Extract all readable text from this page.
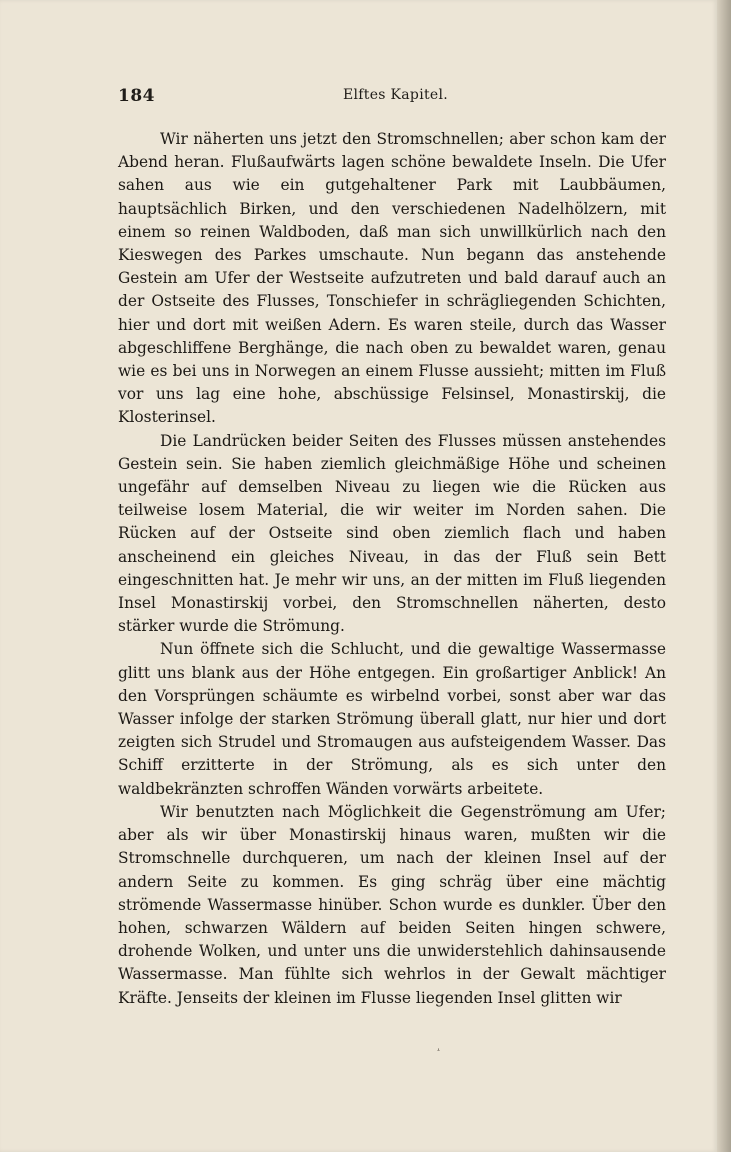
184	Elftes Kapitel.

Wir näherten uns jetzt den Stromschnellen; aber schon kam der Abend heran. Flußaufwärts lagen schöne bewaldete Inseln. Die Ufer sahen aus wie ein gutgehaltener Park mit Laubbäumen, hauptsächlich Birken, und den verschiedenen Nadelhölzern, mit einem so reinen Waldboden, daß man sich unwillkürlich nach den Kieswegen des Parkes umschaute. Nun begann das anstehende Gestein am Ufer der Westseite aufzutreten und bald darauf auch an der Ostseite des Flusses, Tonschiefer in schrägliegenden Schichten, hier und dort mit weißen Adern. Es waren steile, durch das Wasser abgeschliffene Berghänge, die nach oben zu bewaldet waren, genau wie es bei uns in Norwegen an einem Flusse aussieht; mitten im Fluß vor uns lag eine hohe, abschüssige Felsinsel, Monastirskij, die Klosterinsel.

Die Landrücken beider Seiten des Flusses müssen anstehendes Gestein sein. Sie haben ziemlich gleichmäßige Höhe und scheinen ungefähr auf demselben Niveau zu liegen wie die Rücken aus teilweise losem Material, die wir weiter im Norden sahen. Die Rücken auf der Ostseite sind oben ziemlich flach und haben anscheinend ein gleiches Niveau, in das der Fluß sein Bett eingeschnitten hat. Je mehr wir uns, an der mitten im Fluß liegenden Insel Monastirskij vorbei, den Stromschnellen näherten, desto stärker wurde die Strömung.

Nun öffnete sich die Schlucht, und die gewaltige Wassermasse glitt uns blank aus der Höhe entgegen. Ein großartiger Anblick! An den Vorsprüngen schäumte es wirbelnd vorbei, sonst aber war das Wasser infolge der starken Strömung überall glatt, nur hier und dort zeigten sich Strudel und Stromaugen aus aufsteigendem Wasser. Das Schiff erzitterte in der Strömung, als es sich unter den waldbekränzten schroffen Wänden vorwärts arbeitete.

Wir benutzten nach Möglichkeit die Gegenströmung am Ufer; aber als wir über Monastirskij hinaus waren, mußten wir die Stromschnelle durchqueren, um nach der kleinen Insel auf der andern Seite zu kommen. Es ging schräg über eine mächtig strömende Wassermasse hinüber. Schon wurde es dunkler. Über den hohen, schwarzen Wäldern auf beiden Seiten hingen schwere, drohende Wolken, und unter uns die unwiderstehlich dahinsausende Wassermasse. Man fühlte sich wehrlos in der Gewalt mächtiger Kräfte. Jenseits der kleinen im Flusse liegenden Insel glitten wir

˔
